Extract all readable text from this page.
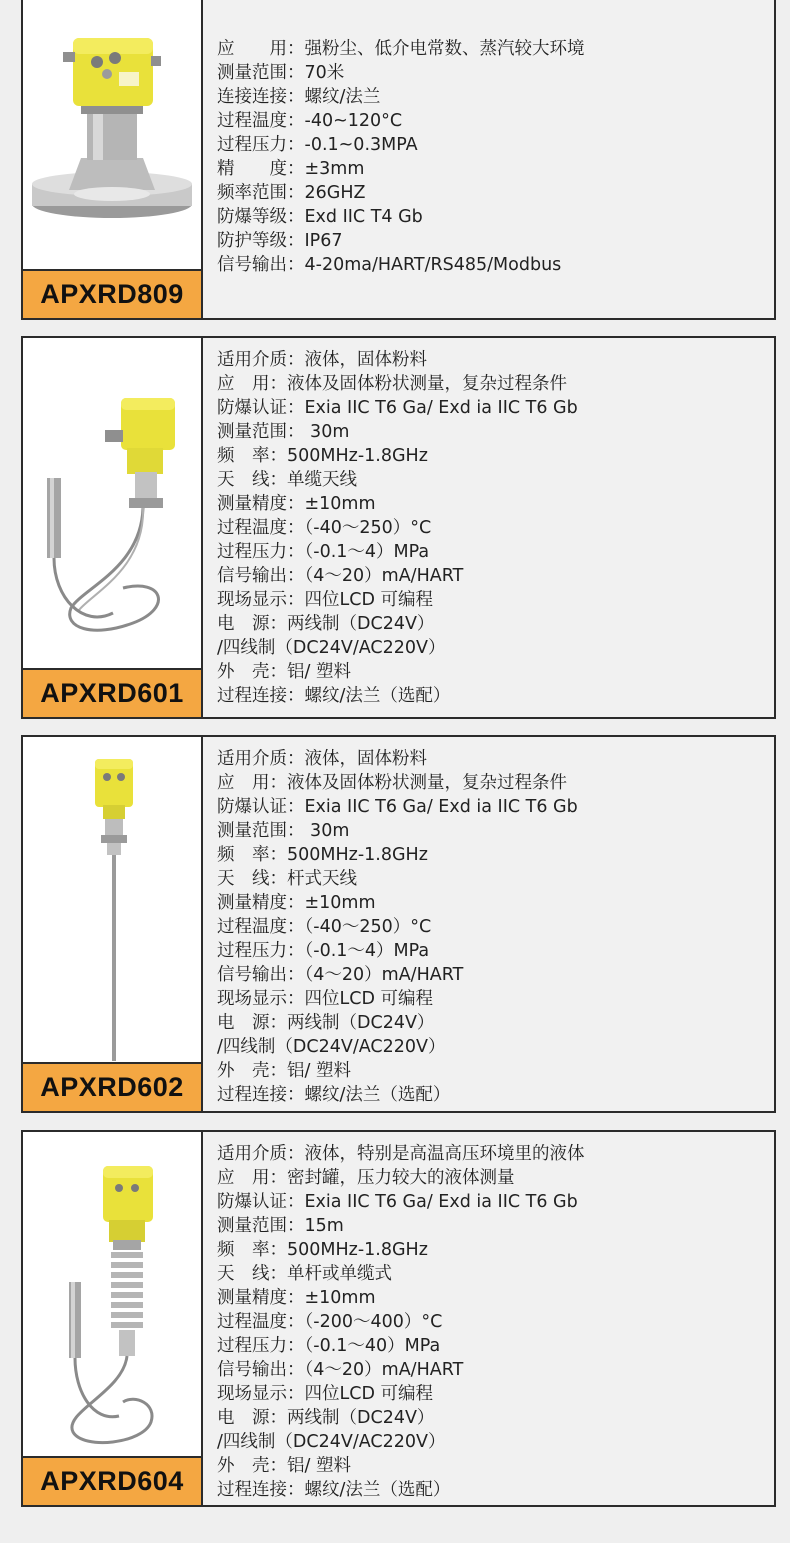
APXRD809
应　　用：强粉尘、低介电常数、蒸汽较大环境
测量范围：70米
连接连接：螺纹/法兰
过程温度：-40~120°C
过程压力：-0.1~0.3MPA
精　　度：±3mm
频率范围：26GHZ
防爆等级：Exd IIC T4 Gb
防护等级：IP67
信号输出：4-20ma/HART/RS485/Modbus
APXRD601
适用介质：液体，固体粉料
应　用：液体及固体粉状测量，复杂过程条件
防爆认证：Exia IIC T6 Ga/ Exd ia IIC T6 Gb
测量范围： 30m
频　率：500MHz-1.8GHz
天　线：单缆天线
测量精度：±10mm
过程温度：（-40～250）°C
过程压力：（-0.1～4）MPa
信号输出：（4～20）mA/HART
现场显示：四位LCD 可编程
电　源：两线制（DC24V）
/四线制（DC24V/AC220V）
外　壳：铝/ 塑料
过程连接：螺纹/法兰（选配）
APXRD602
适用介质：液体，固体粉料
应　用：液体及固体粉状测量，复杂过程条件
防爆认证：Exia IIC T6 Ga/ Exd ia IIC T6 Gb
测量范围： 30m
频　率：500MHz-1.8GHz
天　线：杆式天线
测量精度：±10mm
过程温度：（-40～250）°C
过程压力：（-0.1～4）MPa
信号输出：（4～20）mA/HART
现场显示：四位LCD 可编程
电　源：两线制（DC24V）
/四线制（DC24V/AC220V）
外　壳：铝/ 塑料
过程连接：螺纹/法兰（选配）
APXRD604
适用介质：液体，特别是高温高压环境里的液体
应　用：密封罐，压力较大的液体测量
防爆认证：Exia IIC T6 Ga/ Exd ia IIC T6 Gb
测量范围：15m
频　率：500MHz-1.8GHz
天　线：单杆或单缆式
测量精度：±10mm
过程温度：（-200～400）°C
过程压力：（-0.1～40）MPa
信号输出：（4～20）mA/HART
现场显示：四位LCD 可编程
电　源：两线制（DC24V）
/四线制（DC24V/AC220V）
外　壳：铝/ 塑料
过程连接：螺纹/法兰（选配）
